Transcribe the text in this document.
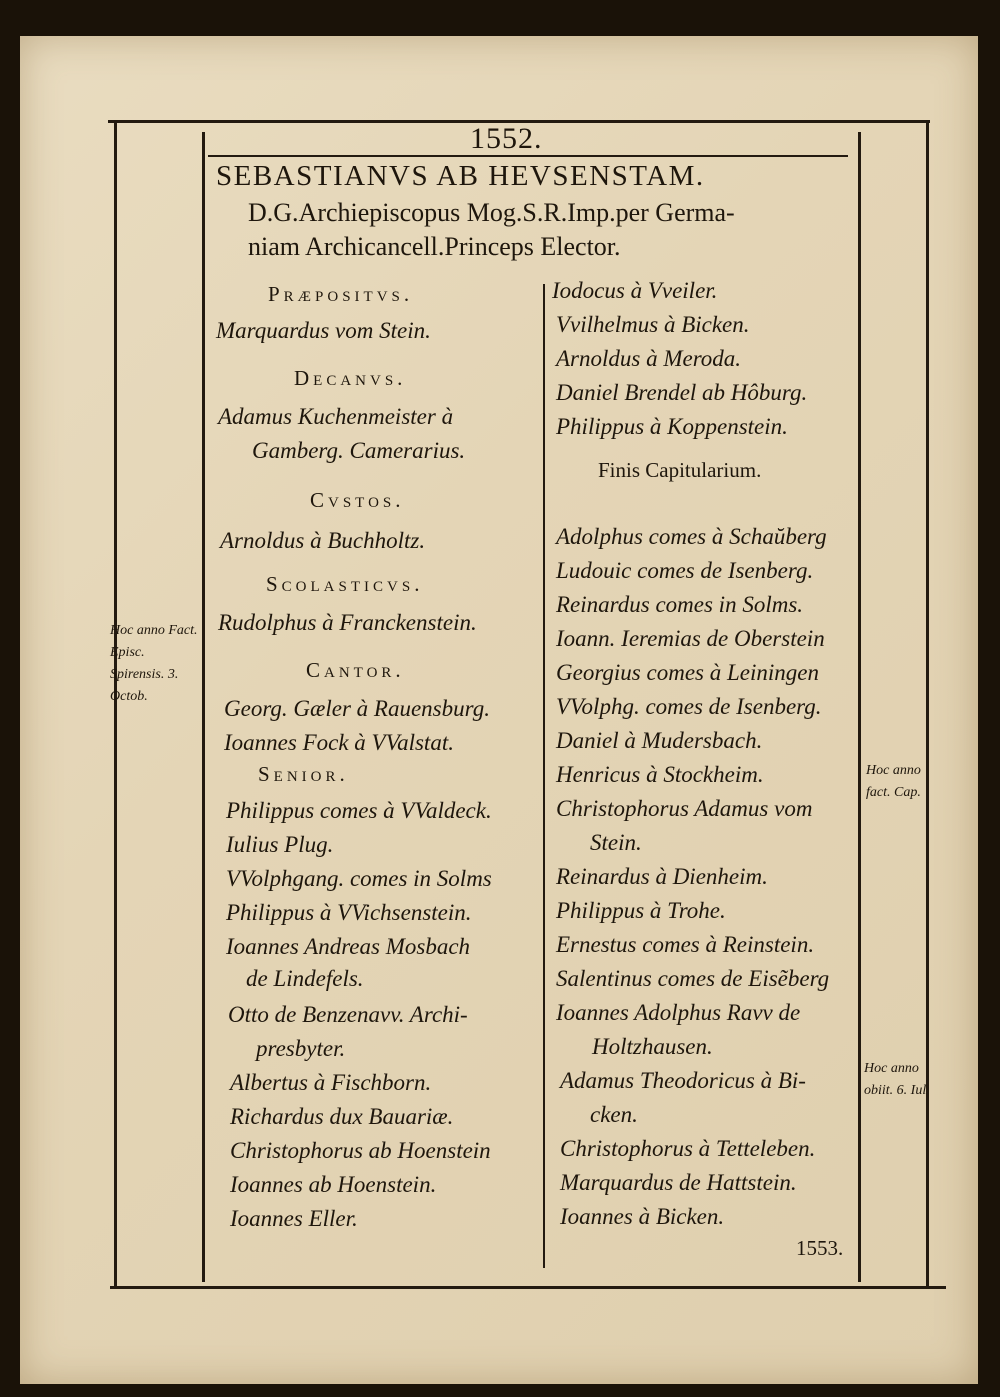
1552.
SEBASTIANVS AB HEVSENSTAM.
D.G.Archiepiscopus Mog.S.R.Imp.per Germa-
niam Archicancell.Princeps Elector.
Præpositvs.
Marquardus vom Stein.
Decanvs.
Adamus Kuchenmeister à
Gamberg. Camerarius.
Cvstos.
Arnoldus à Buchholtz.
Scolasticvs.
Rudolphus à Franckenstein.
Cantor.
Georg. Gæler à Rauensburg.
Ioannes Fock à VValstat.
Senior.
Philippus comes à VValdeck.
Iulius Plug.
VVolphgang. comes in Solms
Philippus à VVichsenstein.
Ioannes Andreas Mosbach
de Lindefels.
Otto de Benzenavv. Archi-
presbyter.
Albertus à Fischborn.
Richardus dux Bauariæ.
Christophorus ab Hoenstein
Ioannes ab Hoenstein.
Ioannes Eller.
Iodocus à Vveiler.
Vvilhelmus à Bicken.
Arnoldus à Meroda.
Daniel Brendel ab Hôburg.
Philippus à Koppenstein.
Finis Capitularium.
Adolphus comes à Schaŭberg
Ludouic comes de Isenberg.
Reinardus comes in Solms.
Ioann. Ieremias de Oberstein
Georgius comes à Leiningen
VVolphg. comes de Isenberg.
Daniel à Mudersbach.
Henricus à Stockheim.
Christophorus Adamus vom
Stein.
Reinardus à Dienheim.
Philippus à Trohe.
Ernestus comes à Reinstein.
Salentinus comes de Eisẽberg
Ioannes Adolphus Ravv de
Holtzhausen.
Adamus Theodoricus à Bi-
cken.
Christophorus à Tetteleben.
Marquardus de Hattstein.
Ioannes à Bicken.
Hoc anno Fact. Episc. Spirensis. 3. Octob.
Hoc anno fact. Cap.
Hoc anno obiit. 6. Iul
1553.
